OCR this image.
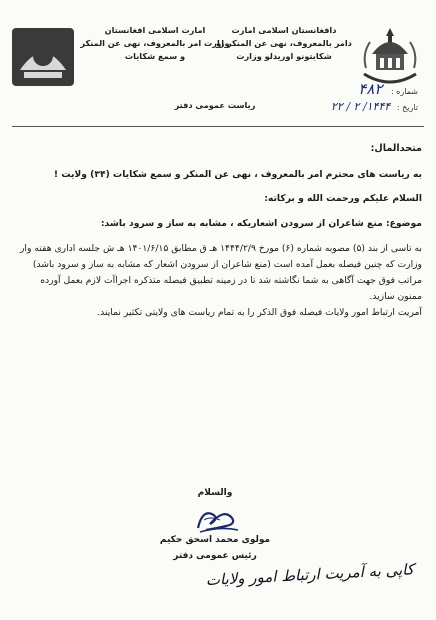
دافغانستان اسلامی امارت
دامر بالمعروف، نهی عن المنکر او
شکایتونو اوریدلو وزارت
امارت اسلامی افغانستان
وزارت امر بالمعروف، نهی عن المنکر
و سمع شکایات
شماره : ۴۸۲
تاریخ : ۱۴۴۴/ ۲ / ۲۲
ریاست عمومی دفتر
متحدالمال:

به ریاست های محترم امر بالمعروف ، نهی عن المنکر و سمع شکایات (۳۴) ولایت !

السلام علیکم ورحمت الله و برکاته:

موضوع: منع شاعران از سرودن اشعاریکه ، مشابه به ساز و سرود باشد:

به تاسی از بند (۵) مصوبه شماره (۶) مورخ ۱۴۴۴/۲/۹ هـ ق مطابق ۱۴۰۱/۶/۱۵ هـ ش جلسه اداری هفته وار وزارت که چنین فیصله بعمل آمده است (منع شاعران از سرودن اشعار که مشابه به ساز و سرود باشد) مراتب فوق جهت آگاهی به شما نگاشته شد تا در زمینه تطبیق فیصله متذکره اجراآت لازم بعمل آورده ممنون سازید.

آمریت ارتباط امور ولایات فیصله فوق الذکر را به تمام ریاست های ولایتی تکثیر نمایند.

والسلام
مولوی محمد اسحق حکیم
رئیس عمومی دفتر
کاپی به آمریت ارتباط امور ولایات
